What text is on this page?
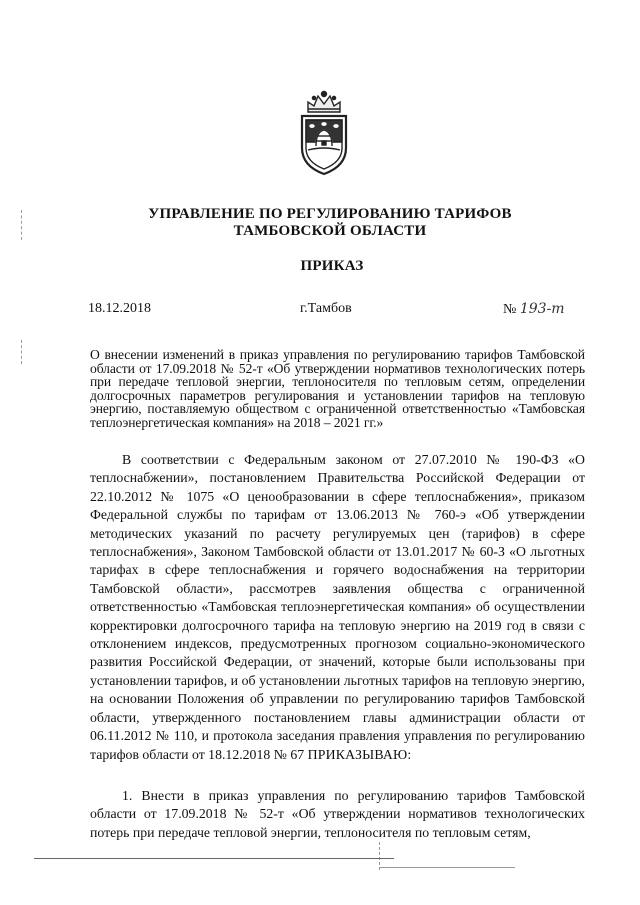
УПРАВЛЕНИЕ ПО РЕГУЛИРОВАНИЮ ТАРИФОВ
ТАМБОВСКОЙ ОБЛАСТИ
ПРИКАЗ
18.12.2018	г.Тамбов	№ 193-т
О внесении изменений в приказ управления по регулированию тарифов Тамбовской области от 17.09.2018 № 52-т «Об утверждении нормативов технологических потерь при передаче тепловой энергии, теплоносителя по тепловым сетям, определении долгосрочных параметров регулирования и установлении тарифов на тепловую энергию, поставляемую обществом с ограниченной ответственностью «Тамбовская теплоэнергетическая компания» на 2018 – 2021 гг.»
В соответствии с Федеральным законом от 27.07.2010 № 190-ФЗ «О теплоснабжении», постановлением Правительства Российской Федерации от 22.10.2012 № 1075 «О ценообразовании в сфере теплоснабжения», приказом Федеральной службы по тарифам от 13.06.2013 № 760-э «Об утверждении методических указаний по расчету регулируемых цен (тарифов) в сфере теплоснабжения», Законом Тамбовской области от 13.01.2017 № 60-З «О льготных тарифах в сфере теплоснабжения и горячего водоснабжения на территории Тамбовской области», рассмотрев заявления общества с ограниченной ответственностью «Тамбовская теплоэнергетическая компания» об осуществлении корректировки долгосрочного тарифа на тепловую энергию на 2019 год в связи с отклонением индексов, предусмотренных прогнозом социально-экономического развития Российской Федерации, от значений, которые были использованы при установлении тарифов, и об установлении льготных тарифов на тепловую энергию, на основании Положения об управлении по регулированию тарифов Тамбовской области, утвержденного постановлением главы администрации области от 06.11.2012 № 110, и протокола заседания правления управления по регулированию тарифов области от 18.12.2018 № 67 ПРИКАЗЫВАЮ:
1. Внести в приказ управления по регулированию тарифов Тамбовской области от 17.09.2018 № 52-т «Об утверждении нормативов технологических потерь при передаче тепловой энергии, теплоносителя по тепловым сетям,
